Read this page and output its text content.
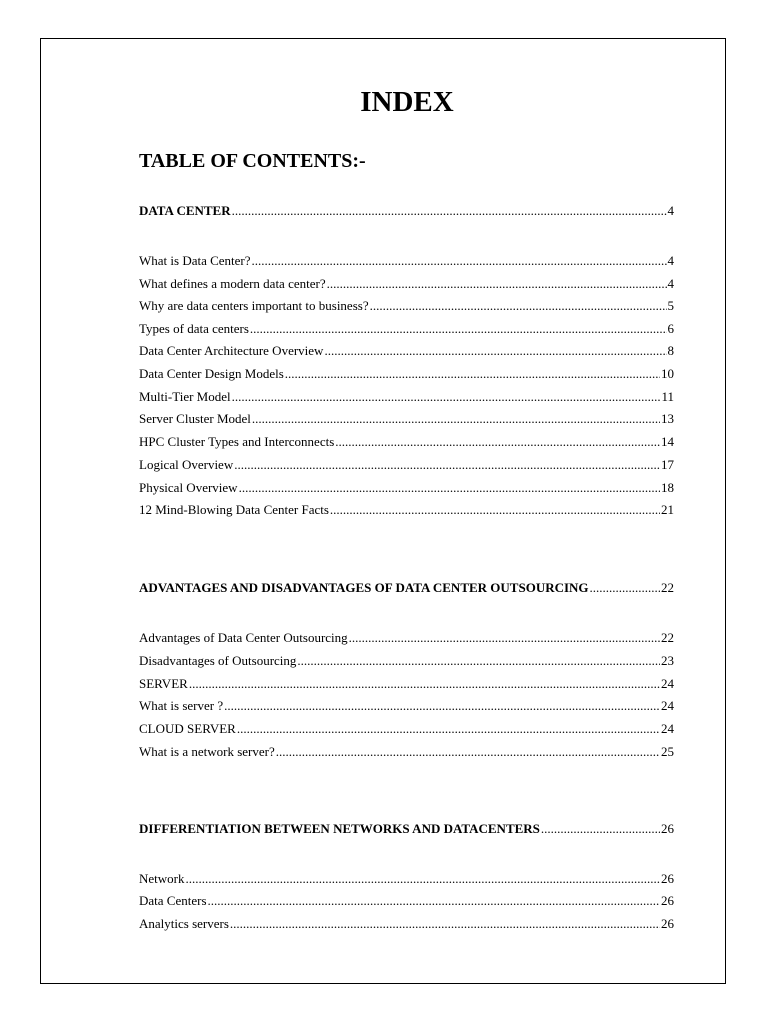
INDEX
TABLE OF CONTENTS:-
DATA CENTER .....	4
What is Data Center? .....	4
What defines a modern data center? .....	4
Why are data centers important to business? .....	5
Types of data centers .....	6
Data Center Architecture Overview .....	8
Data Center Design Models .....	10
Multi-Tier Model .....	11
Server Cluster Model .....	13
HPC Cluster Types and Interconnects .....	14
Logical Overview .....	17
Physical Overview .....	18
12 Mind-Blowing Data Center Facts .....	21
ADVANTAGES AND DISADVANTAGES OF DATA CENTER OUTSOURCING .....	22
Advantages of Data Center Outsourcing .....	22
Disadvantages of Outsourcing .....	23
SERVER .....	24
What is server ? .....	24
CLOUD SERVER .....	24
What is a network server? .....	25
DIFFERENTIATION BETWEEN NETWORKS AND DATACENTERS .....	26
Network .....	26
Data Centers .....	26
Analytics servers .....	26
